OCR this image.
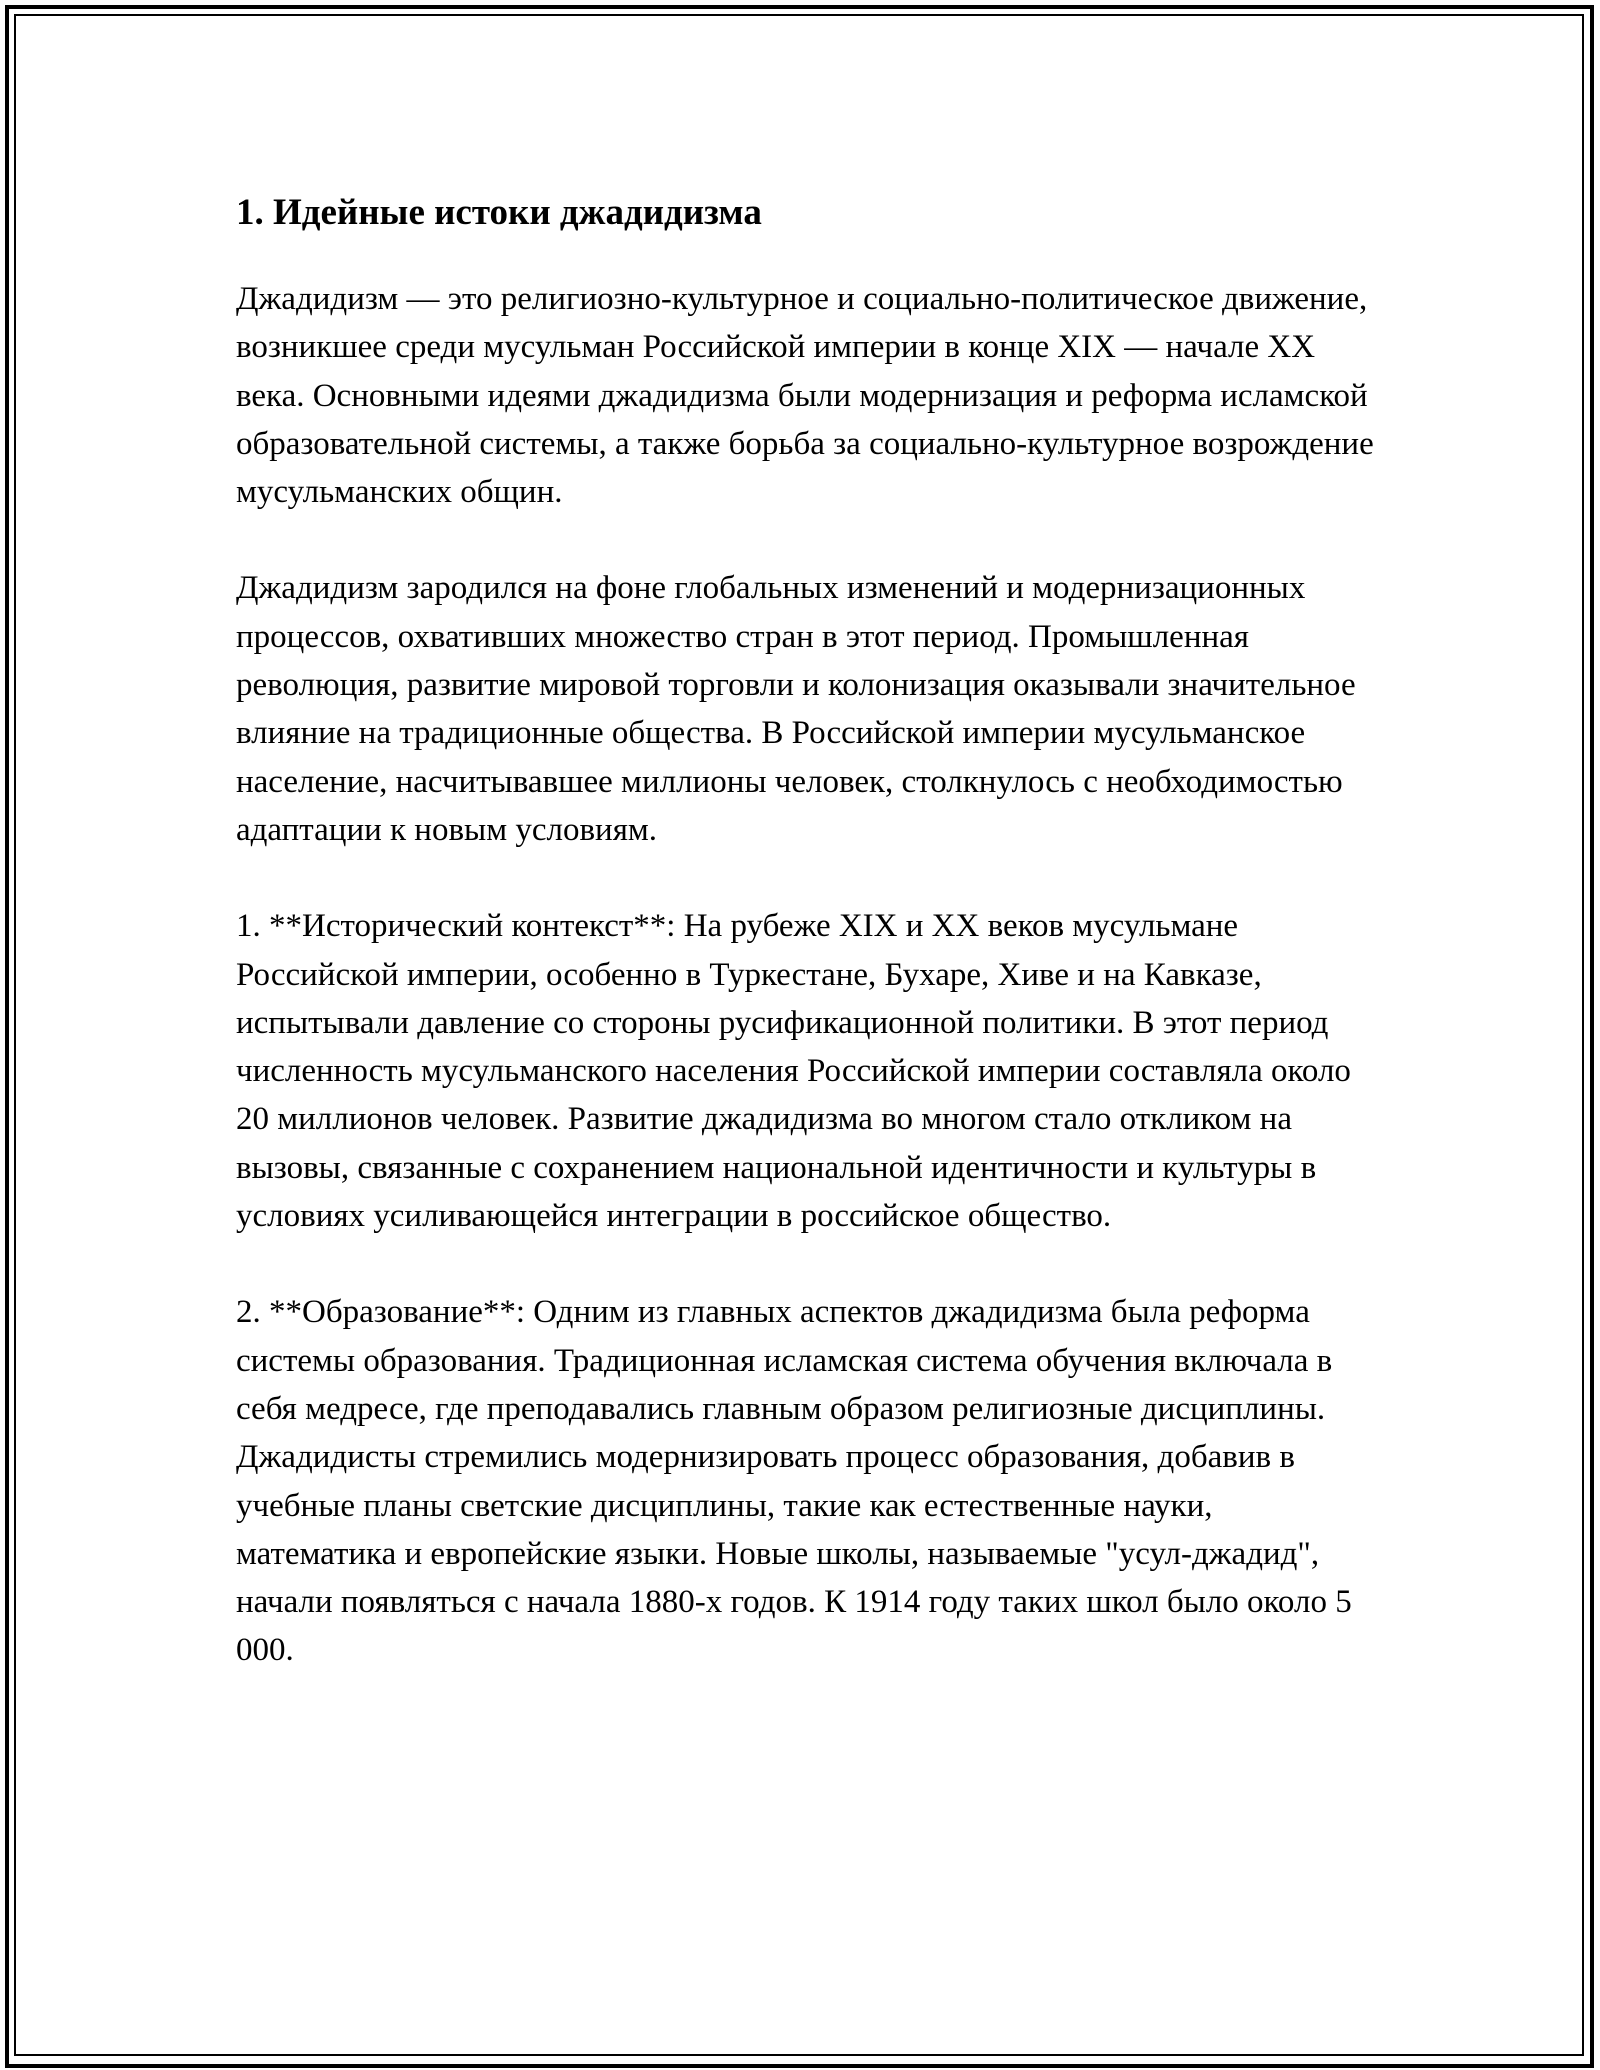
1. Идейные истоки джадидизма

Джадидизм — это религиозно-культурное и социально-политическое движение, возникшее среди мусульман Российской империи в конце XIX — начале XX века. Основными идеями джадидизма были модернизация и реформа исламской образовательной системы, а также борьба за социально-культурное возрождение мусульманских общин.

Джадидизм зародился на фоне глобальных изменений и модернизационных процессов, охвативших множество стран в этот период. Промышленная революция, развитие мировой торговли и колонизация оказывали значительное влияние на традиционные общества. В Российской империи мусульманское население, насчитывавшее миллионы человек, столкнулось с необходимостью адаптации к новым условиям.

1. **Исторический контекст**: На рубеже XIX и XX веков мусульмане Российской империи, особенно в Туркестане, Бухаре, Хиве и на Кавказе, испытывали давление со стороны русификационной политики. В этот период численность мусульманского населения Российской империи составляла около 20 миллионов человек. Развитие джадидизма во многом стало откликом на вызовы, связанные с сохранением национальной идентичности и культуры в условиях усиливающейся интеграции в российское общество.

2. **Образование**: Одним из главных аспектов джадидизма была реформа системы образования. Традиционная исламская система обучения включала в себя медресе, где преподавались главным образом религиозные дисциплины. Джадидисты стремились модернизировать процесс образования, добавив в учебные планы светские дисциплины, такие как естественные науки, математика и европейские языки. Новые школы, называемые "усул-джадид", начали появляться с начала 1880-х годов. К 1914 году таких школ было около 5 000.
